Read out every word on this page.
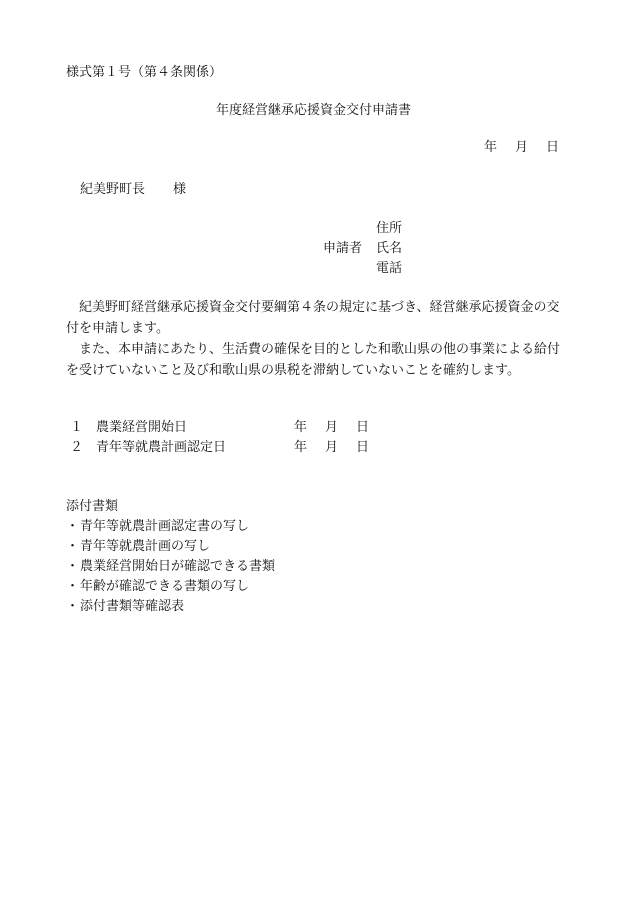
様式第１号（第４条関係）
年度経営継承応援資金交付申請書
年 月 日
紀美野町長 様
住所
申請者 氏名
電話

紀美野町経営継承応援資金交付要綱第４条の規定に基づき、経営継承応援資金の交付を申請します。

また、本申請にあたり、生活費の確保を目的とした和歌山県の他の事業による給付を受けていないこと及び和歌山県の県税を滞納していないことを確約します。

１ 農業経営開始日	年 月 日
２ 青年等就農計画認定日	年 月 日
添付書類
・青年等就農計画認定書の写し
・青年等就農計画の写し
・農業経営開始日が確認できる書類
・年齢が確認できる書類の写し
・添付書類等確認表
